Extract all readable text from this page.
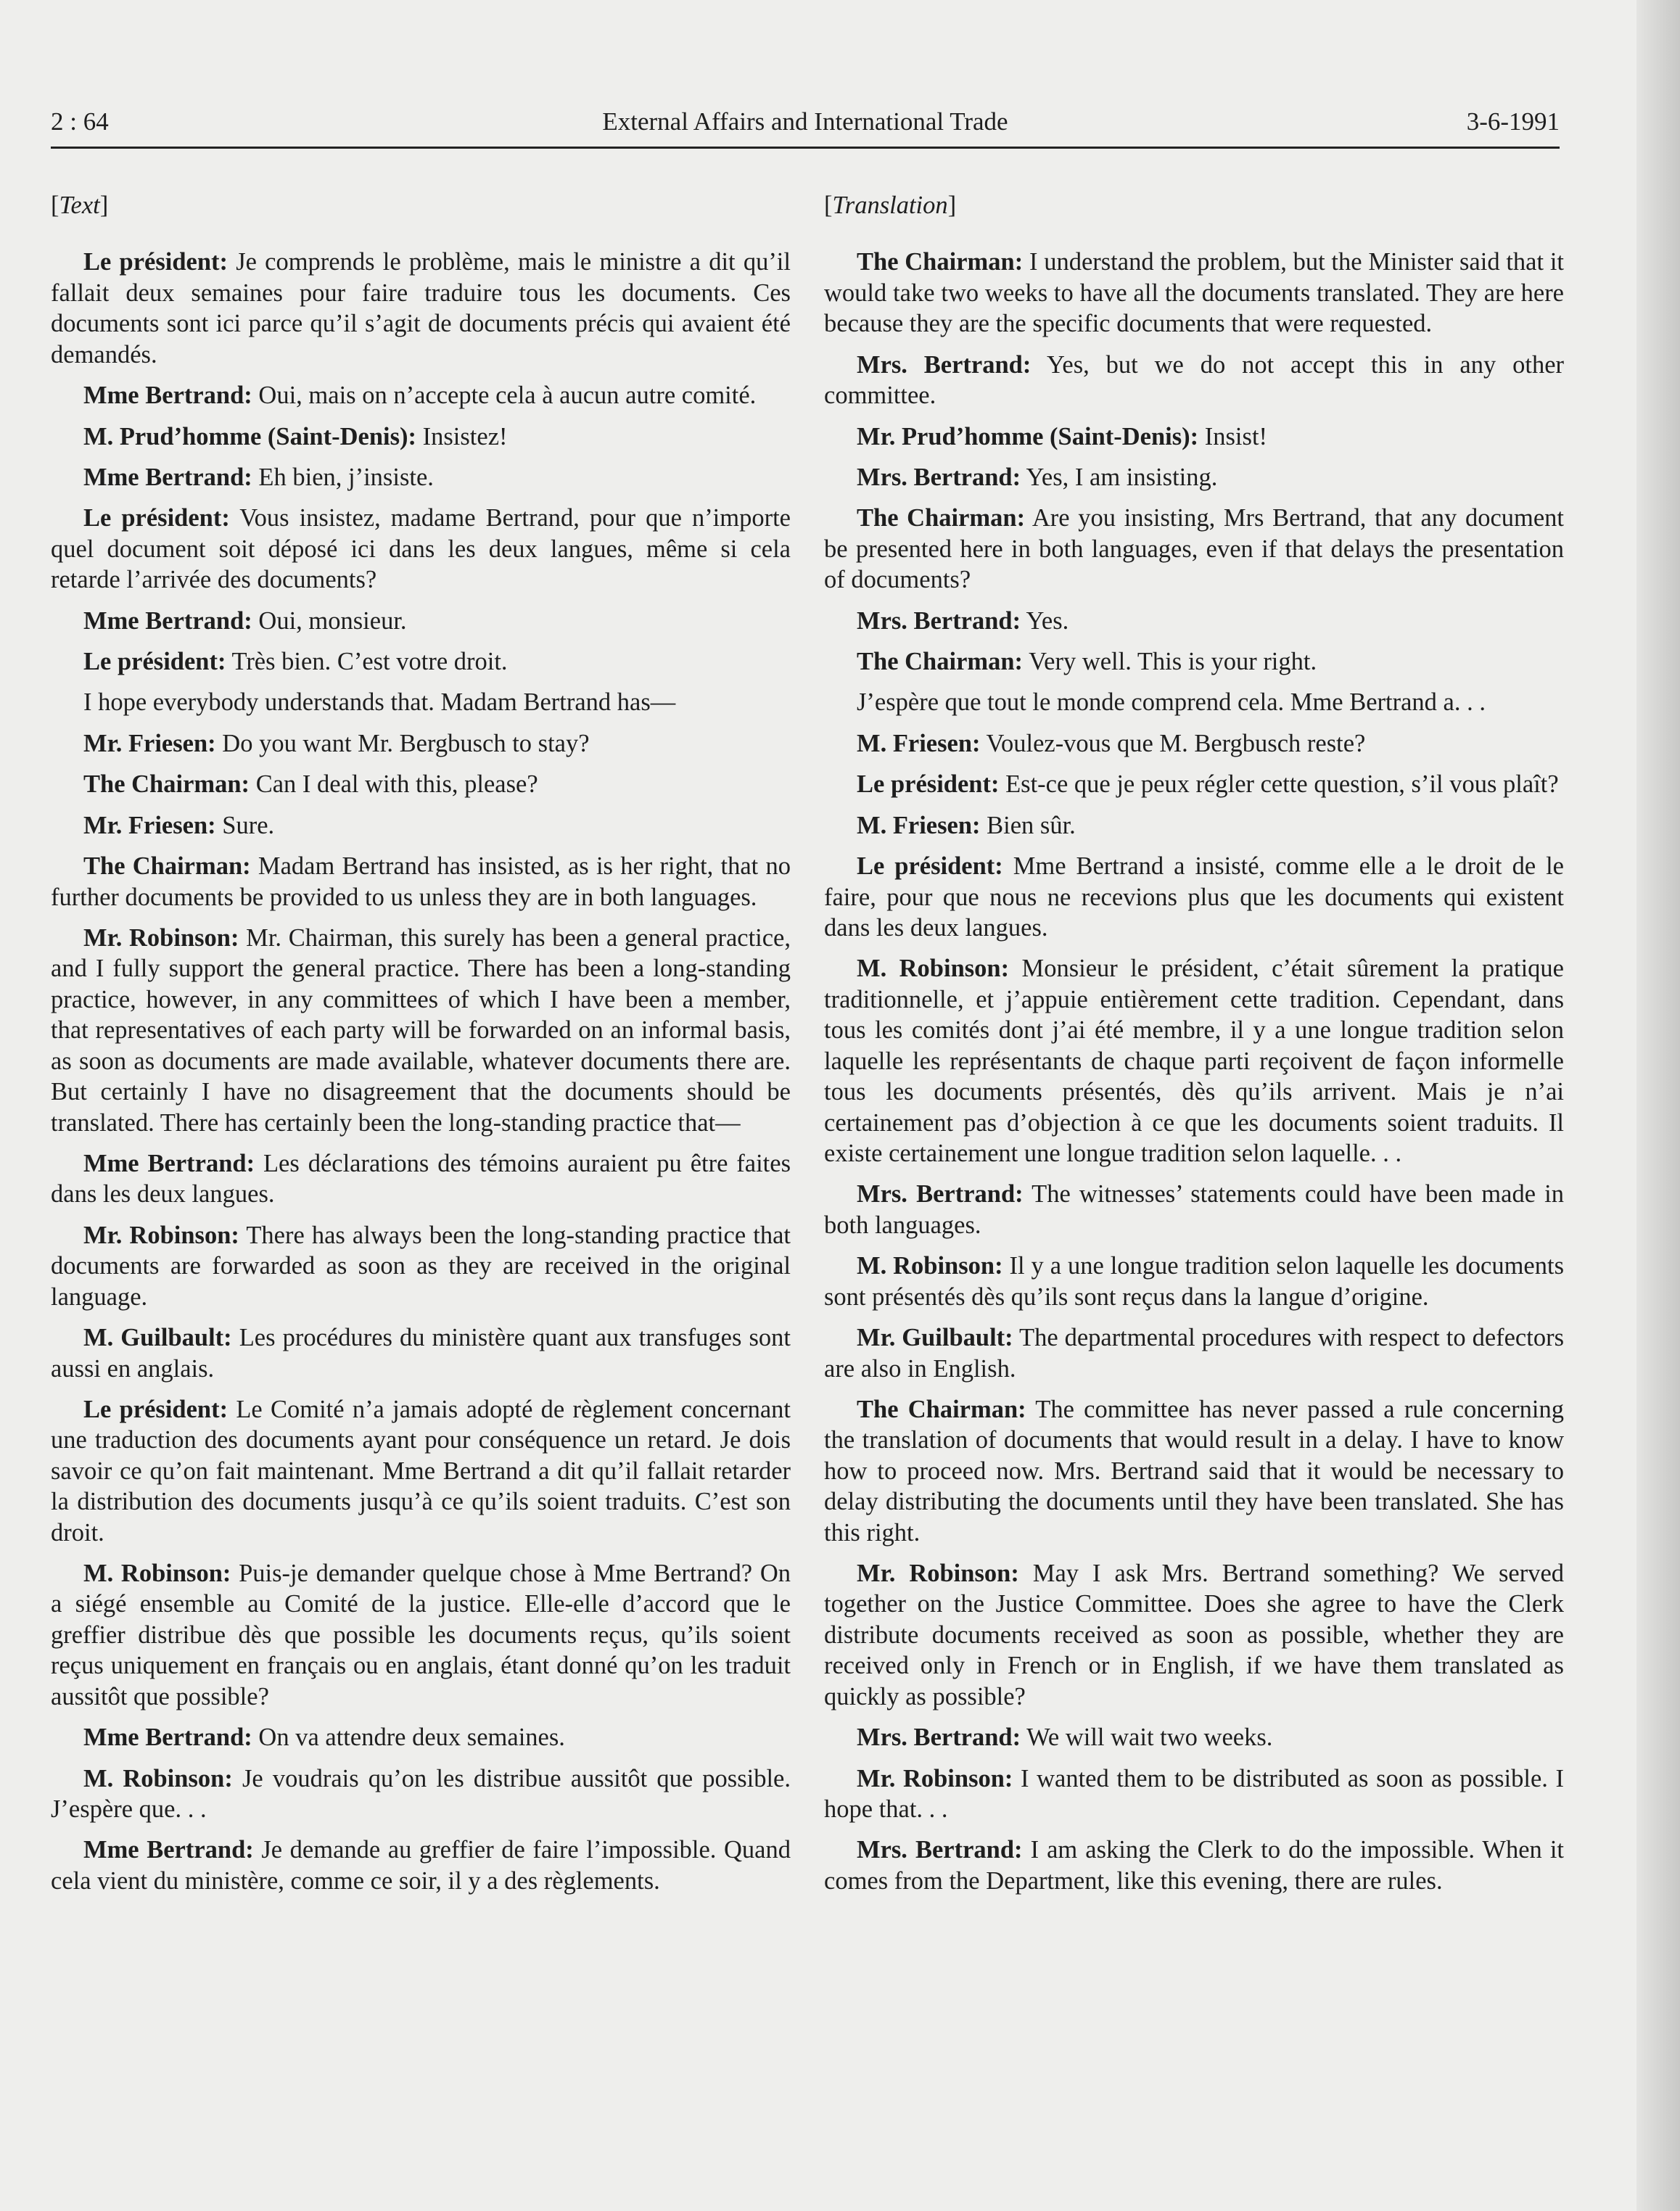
2 : 64	External Affairs and International Trade	3-6-1991
[Text]

Le président: Je comprends le problème, mais le ministre a dit qu’il fallait deux semaines pour faire traduire tous les documents. Ces documents sont ici parce qu’il s’agit de documents précis qui avaient été demandés.

Mme Bertrand: Oui, mais on n’accepte cela à aucun autre comité.

M. Prud’homme (Saint-Denis): Insistez!

Mme Bertrand: Eh bien, j’insiste.

Le président: Vous insistez, madame Bertrand, pour que n’importe quel document soit déposé ici dans les deux langues, même si cela retarde l’arrivée des documents?

Mme Bertrand: Oui, monsieur.

Le président: Très bien. C’est votre droit.

I hope everybody understands that. Madam Bertrand has—

Mr. Friesen: Do you want Mr. Bergbusch to stay?

The Chairman: Can I deal with this, please?

Mr. Friesen: Sure.

The Chairman: Madam Bertrand has insisted, as is her right, that no further documents be provided to us unless they are in both languages.

Mr. Robinson: Mr. Chairman, this surely has been a general practice, and I fully support the general practice. There has been a long-standing practice, however, in any committees of which I have been a member, that representatives of each party will be forwarded on an informal basis, as soon as documents are made available, whatever documents there are. But certainly I have no disagreement that the documents should be translated. There has certainly been the long-standing practice that—

Mme Bertrand: Les déclarations des témoins auraient pu être faites dans les deux langues.

Mr. Robinson: There has always been the long-standing practice that documents are forwarded as soon as they are received in the original language.

M. Guilbault: Les procédures du ministère quant aux transfuges sont aussi en anglais.

Le président: Le Comité n’a jamais adopté de règlement concernant une traduction des documents ayant pour conséquence un retard. Je dois savoir ce qu’on fait maintenant. Mme Bertrand a dit qu’il fallait retarder la distribution des documents jusqu’à ce qu’ils soient traduits. C’est son droit.

M. Robinson: Puis-je demander quelque chose à Mme Bertrand? On a siégé ensemble au Comité de la justice. Elle-elle d’accord que le greffier distribue dès que possible les documents reçus, qu’ils soient reçus uniquement en français ou en anglais, étant donné qu’on les traduit aussitôt que possible?

Mme Bertrand: On va attendre deux semaines.

M. Robinson: Je voudrais qu’on les distribue aussitôt que possible. J’espère que. . .

Mme Bertrand: Je demande au greffier de faire l’impossible. Quand cela vient du ministère, comme ce soir, il y a des règlements.

[Translation]

The Chairman: I understand the problem, but the Minister said that it would take two weeks to have all the documents translated. They are here because they are the specific documents that were requested.

Mrs. Bertrand: Yes, but we do not accept this in any other committee.

Mr. Prud’homme (Saint-Denis): Insist!

Mrs. Bertrand: Yes, I am insisting.

The Chairman: Are you insisting, Mrs Bertrand, that any document be presented here in both languages, even if that delays the presentation of documents?

Mrs. Bertrand: Yes.

The Chairman: Very well. This is your right.

J’espère que tout le monde comprend cela. Mme Bertrand a. . .

M. Friesen: Voulez-vous que M. Bergbusch reste?

Le président: Est-ce que je peux régler cette question, s’il vous plaît?

M. Friesen: Bien sûr.

Le président: Mme Bertrand a insisté, comme elle a le droit de le faire, pour que nous ne recevions plus que les documents qui existent dans les deux langues.

M. Robinson: Monsieur le président, c’était sûrement la pratique traditionnelle, et j’appuie entièrement cette tradition. Cependant, dans tous les comités dont j’ai été membre, il y a une longue tradition selon laquelle les représentants de chaque parti reçoivent de façon informelle tous les documents présentés, dès qu’ils arrivent. Mais je n’ai certainement pas d’objection à ce que les documents soient traduits. Il existe certainement une longue tradition selon laquelle. . .

Mrs. Bertrand: The witnesses’ statements could have been made in both languages.

M. Robinson: Il y a une longue tradition selon laquelle les documents sont présentés dès qu’ils sont reçus dans la langue d’origine.

Mr. Guilbault: The departmental procedures with respect to defectors are also in English.

The Chairman: The committee has never passed a rule concerning the translation of documents that would result in a delay. I have to know how to proceed now. Mrs. Bertrand said that it would be necessary to delay distributing the documents until they have been translated. She has this right.

Mr. Robinson: May I ask Mrs. Bertrand something? We served together on the Justice Committee. Does she agree to have the Clerk distribute documents received as soon as possible, whether they are received only in French or in English, if we have them translated as quickly as possible?

Mrs. Bertrand: We will wait two weeks.

Mr. Robinson: I wanted them to be distributed as soon as possible. I hope that. . .

Mrs. Bertrand: I am asking the Clerk to do the impossible. When it comes from the Department, like this evening, there are rules.
